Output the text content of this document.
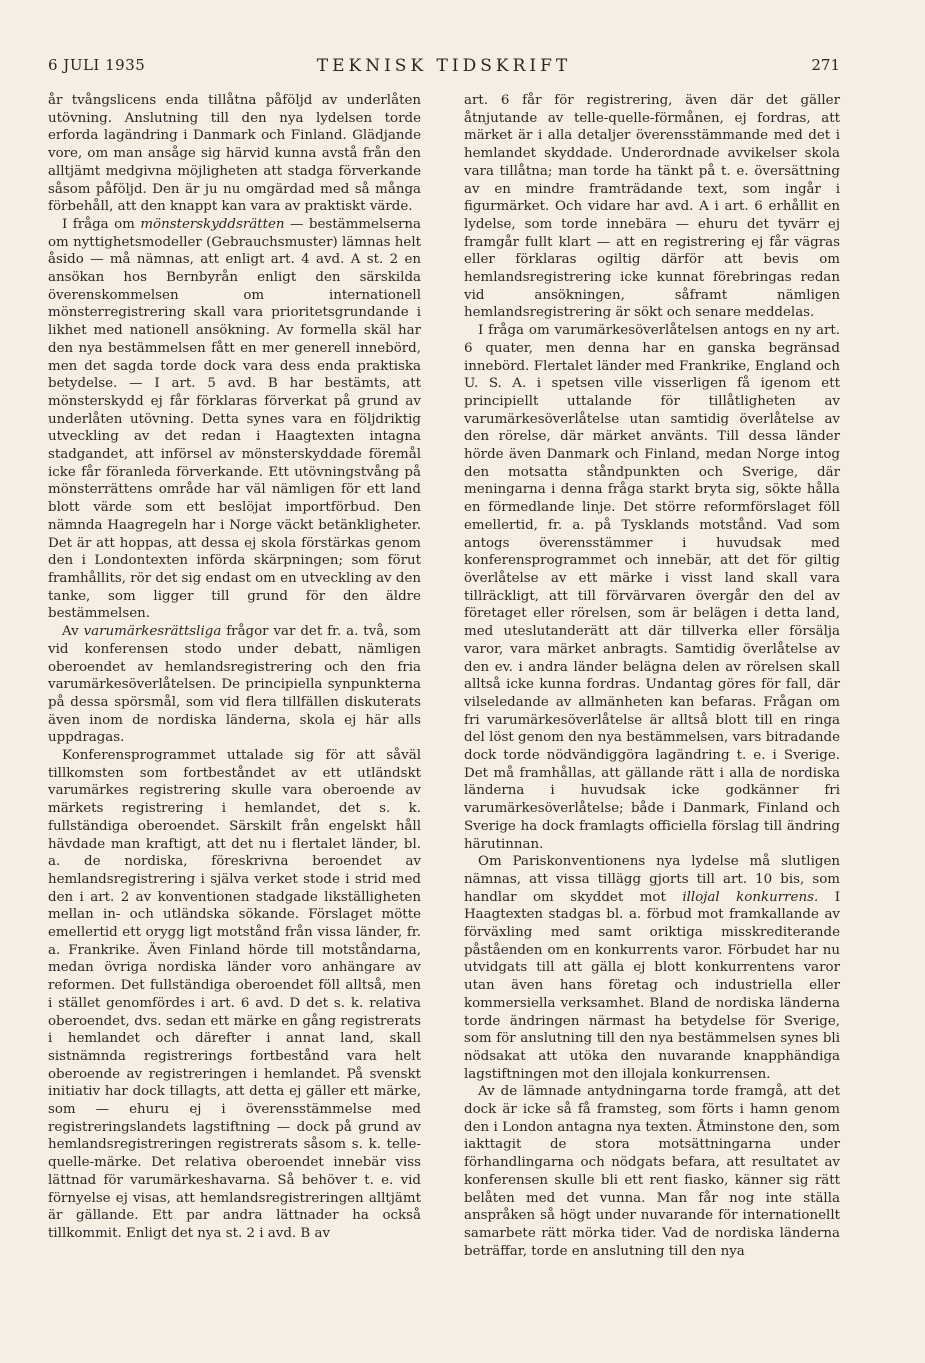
6 JULI 1935	TEKNISK TIDSKRIFT	271

år tvångslicens enda tillåtna påföljd av underlåten utövning. Anslutning till den nya lydelsen torde erforda lagändring i Danmark och Finland. Glädjande vore, om man ansåge sig härvid kunna avstå från den alltjämt medgivna möjligheten att stadga förverkande såsom påföljd. Den är ju nu omgärdad med så många förbehåll, att den knappt kan vara av praktiskt värde.

I fråga om mönsterskyddsrätten — bestämmelserna om nyttighetsmodeller (Gebrauchsmuster) lämnas helt åsido — må nämnas, att enligt art. 4 avd. A st. 2 en ansökan hos Bernbyrån enligt den särskilda överenskommelsen om internationell mönsterregistrering skall vara prioritetsgrundande i likhet med nationell ansökning. Av formella skäl har den nya bestämmelsen fått en mer generell innebörd, men det sagda torde dock vara dess enda praktiska betydelse. — I art. 5 avd. B har bestämts, att mönsterskydd ej får förklaras förverkat på grund av underlåten utövning. Detta synes vara en följdriktig utveckling av det redan i Haagtexten intagna stadgandet, att införsel av mönsterskyddade föremål icke får föranleda förverkande. Ett utövningstvång på mönsterrättens område har väl nämligen för ett land blott värde som ett beslöjat importförbud. Den nämnda Haagregeln har i Norge väckt betänkligheter. Det är att hoppas, att dessa ej skola förstärkas genom den i Londontexten införda skärpningen; som förut framhållits, rör det sig endast om en utveckling av den tanke, som ligger till grund för den äldre bestämmelsen.

Av varumärkesrättsliga frågor var det fr. a. två, som vid konferensen stodo under debatt, nämligen oberoendet av hemlandsregistrering och den fria varumärkesöverlåtelsen. De principiella synpunkterna på dessa spörsmål, som vid flera tillfällen diskuterats även inom de nordiska länderna, skola ej här alls uppdragas.

Konferensprogrammet uttalade sig för att såväl tillkomsten som fortbeståndet av ett utländskt varumärkes registrering skulle vara oberoende av märkets registrering i hemlandet, det s. k. fullständiga oberoendet. Särskilt från engelskt håll hävdade man kraftigt, att det nu i flertalet länder, bl. a. de nordiska, föreskrivna beroendet av hemlandsregistrering i själva verket stode i strid med den i art. 2 av konventionen stadgade likställigheten mellan in- och utländska sökande. Förslaget mötte emellertid ett orygg ligt motstånd från vissa länder, fr. a. Frankrike. Även Finland hörde till motståndarna, medan övriga nordiska länder voro anhängare av reformen. Det fullständiga oberoendet föll alltså, men i stället genomfördes i art. 6 avd. D det s. k. relativa oberoendet, dvs. sedan ett märke en gång registrerats i hemlandet och därefter i annat land, skall sistnämnda registrerings fortbestånd vara helt oberoende av registreringen i hemlandet. På svenskt initiativ har dock tillagts, att detta ej gäller ett märke, som — ehuru ej i överensstämmelse med registreringslandets lagstiftning — dock på grund av hemlandsregistreringen registrerats såsom s. k. telle-quelle-märke. Det relativa oberoendet innebär viss lättnad för varumärkeshavarna. Så behöver t. e. vid förnyelse ej visas, att hemlandsregistreringen alltjämt är gällande. Ett par andra lättnader ha också tillkommit. Enligt det nya st. 2 i avd. B av

art. 6 får för registrering, även där det gäller åtnjutande av telle-quelle-förmånen, ej fordras, att märket är i alla detaljer överensstämmande med det i hemlandet skyddade. Underordnade avvikelser skola vara tillåtna; man torde ha tänkt på t. e. översättning av en mindre framträdande text, som ingår i figurmärket. Och vidare har avd. A i art. 6 erhållit en lydelse, som torde innebära — ehuru det tyvärr ej framgår fullt klart — att en registrering ej får vägras eller förklaras ogiltig därför att bevis om hemlandsregistrering icke kunnat förebringas redan vid ansökningen, såframt nämligen hemlandsregistrering är sökt och senare meddelas.

I fråga om varumärkesöverlåtelsen antogs en ny art. 6 quater, men denna har en ganska begränsad innebörd. Flertalet länder med Frankrike, England och U. S. A. i spetsen ville visserligen få igenom ett principiellt uttalande för tillåtligheten av varumärkesöverlåtelse utan samtidig överlåtelse av den rörelse, där märket använts. Till dessa länder hörde även Danmark och Finland, medan Norge intog den motsatta ståndpunkten och Sverige, där meningarna i denna fråga starkt bryta sig, sökte hålla en förmedlande linje. Det större reformförslaget föll emellertid, fr. a. på Tysklands motstånd. Vad som antogs överensstämmer i huvudsak med konferensprogrammet och innebär, att det för giltig överlåtelse av ett märke i visst land skall vara tillräckligt, att till förvärvaren övergår den del av företaget eller rörelsen, som är belägen i detta land, med uteslutanderätt att där tillverka eller försälja varor, vara märket anbragts. Samtidig överlåtelse av den ev. i andra länder belägna delen av rörelsen skall alltså icke kunna fordras. Undantag göres för fall, där vilseledande av allmänheten kan befaras. Frågan om fri varumärkesöverlåtelse är alltså blott till en ringa del löst genom den nya bestämmelsen, vars bitradande dock torde nödvändiggöra lagändring t. e. i Sverige. Det må framhållas, att gällande rätt i alla de nordiska länderna i huvudsak icke godkänner fri varumärkesöverlåtelse; både i Danmark, Finland och Sverige ha dock framlagts officiella förslag till ändring härutinnan.

Om Pariskonventionens nya lydelse må slutligen nämnas, att vissa tillägg gjorts till art. 10 bis, som handlar om skyddet mot illojal konkurrens. I Haagtexten stadgas bl. a. förbud mot framkallande av förväxling med samt oriktiga misskrediterande påståenden om en konkurrents varor. Förbudet har nu utvidgats till att gälla ej blott konkurrentens varor utan även hans företag och industriella eller kommersiella verksamhet. Bland de nordiska länderna torde ändringen närmast ha betydelse för Sverige, som för anslutning till den nya bestämmelsen synes bli nödsakat att utöka den nuvarande knapphändiga lagstiftningen mot den illojala konkurrensen.

Av de lämnade antydningarna torde framgå, att det dock är icke så få framsteg, som förts i hamn genom den i London antagna nya texten. Åtminstone den, som iakttagit de stora motsättningarna under förhandlingarna och nödgats befara, att resultatet av konferensen skulle bli ett rent fiasko, känner sig rätt belåten med det vunna. Man får nog inte ställa anspråken så högt under nuvarande för internationellt samarbete rätt mörka tider. Vad de nordiska länderna beträffar, torde en anslutning till den nya
